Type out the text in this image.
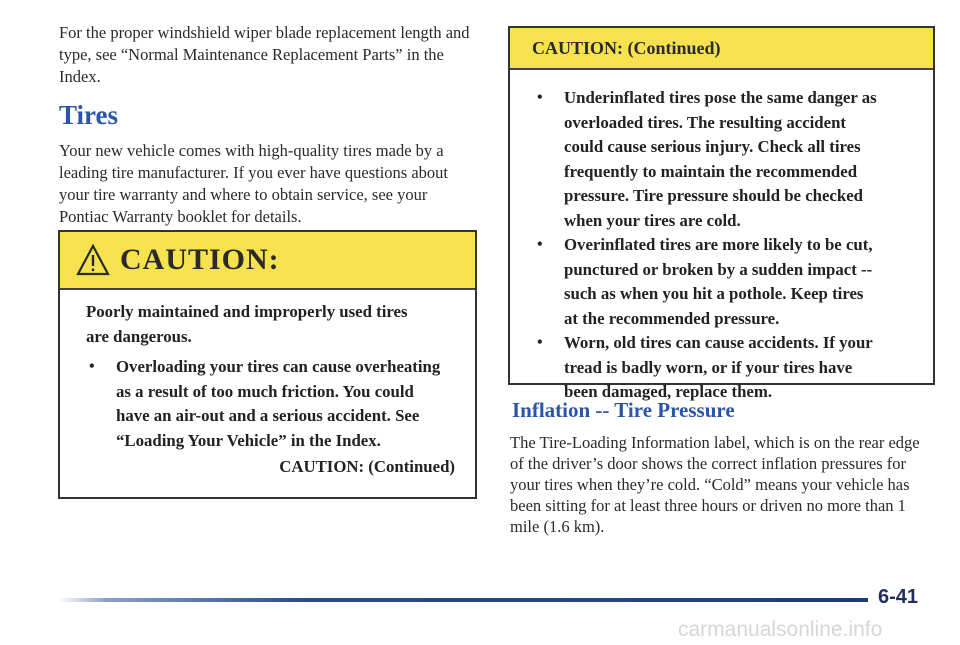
For the proper windshield wiper blade replacement length and type, see “Normal Maintenance Replacement Parts” in the Index.

Tires

Your new vehicle comes with high-quality tires made by a leading tire manufacturer. If you ever have questions about your tire warranty and where to obtain service, see your Pontiac Warranty booklet for details.

CAUTION:
Poorly maintained and improperly used tires are dangerous.
• Overloading your tires can cause overheating as a result of too much friction. You could have an air-out and a serious accident. See “Loading Your Vehicle” in the Index.
CAUTION: (Continued)
CAUTION: (Continued)
• Underinflated tires pose the same danger as overloaded tires. The resulting accident could cause serious injury. Check all tires frequently to maintain the recommended pressure. Tire pressure should be checked when your tires are cold.
• Overinflated tires are more likely to be cut, punctured or broken by a sudden impact -- such as when you hit a pothole. Keep tires at the recommended pressure.
• Worn, old tires can cause accidents. If your tread is badly worn, or if your tires have been damaged, replace them.
Inflation -- Tire Pressure

The Tire-Loading Information label, which is on the rear edge of the driver’s door shows the correct inflation pressures for your tires when they’re cold. “Cold” means your vehicle has been sitting for at least three hours or driven no more than 1 mile (1.6 km).

6-41
carmanualsonline.info
